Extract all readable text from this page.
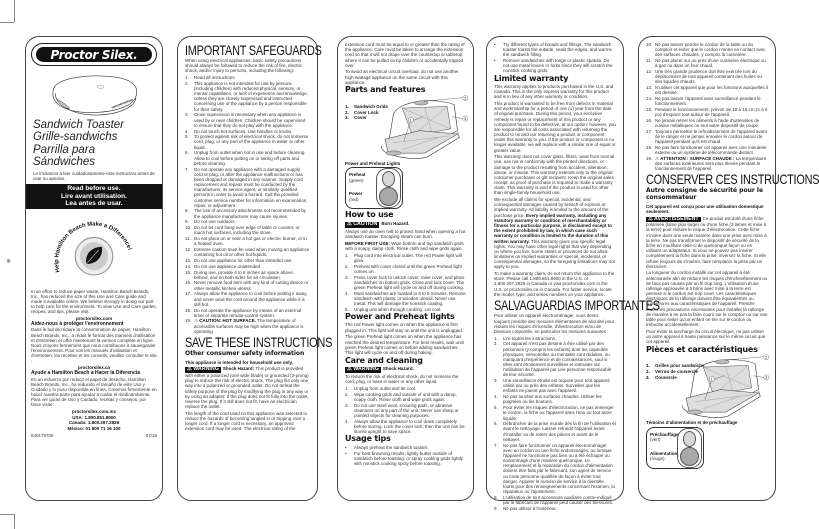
✵
Proctor Silex.
Sandwich Toaster
Grille-sandwichs
Parrilla para Sándwiches
Le invitamos a leer cuidadosamente este instructivo antes de usar su aparato.
Read before use.
Lire avant utilisation.
Lea antes de usar.
Help Hamilton Beach Make a Difference!
In an effort to reduce paper waste, Hamilton Beach Brands, Inc., has reduced the size of this Use and Care guide and made it available online. We believe strongly in doing our part to help care for the environment. To view Use and Care guides, recipes, and tips, please visit:
proctorsilex.com
Aidez-nous à protéger l'environnement
Dans le but de réduire la consommation de papier, Hamilton Beach Brands, Inc., a réduit le format des manuels d'utilisation et d'entretien et offre maintenant la version complète en ligne. Nous croyons fermement que nous contribuons à sauvegarder l'environnement. Pour voir les manuels d'utilisation et d'entretien, les recettes et les conseils, veuillez consulter le site :
proctorsilex.ca
Ayude a Hamilton Beach a Hacer la Diferencia
En un esfuerzo por reducir el papel de desecho, Hamilton Beach Brands, Inc., ha reducido el tamaño de este Uso y Cuidado y lo puso disponible en línea. Creemos firmemente en hacer nuestra parte para ayudar a cuidar el medioambiente. Para ver guías de Uso y Cuidado, recetas y consejos, por favor visite:
proctorsilex.com.mx
USA: 1.800.851.8900
Canada: 1.800.267.2826
México: 01 800 71 16 100
840179705	07/18
IMPORTANT SAFEGUARDS
When using electrical appliances, basic safety precautions should always be followed to reduce the risk of fire, electric shock, and/or injury to persons, including the following:
1.	Read all instructions.
2.	This appliance is not intended for use by persons (including children) with reduced physical, sensory, or mental capabilities, or lack of experience and knowledge, unless they are closely supervised and instructed concerning use of the appliance by a person responsible for their safety.
3.	Close supervision is necessary when any appliance is used by or near children. Children should be supervised to ensure that they do not play with the appliance.
4.	Do not touch hot surfaces. Use handles or knobs.
5.	To protect against risk of electrical shock, do not immerse cord, plug, or any part of the appliance in water or other liquid.
6.	Unplug from outlet when not in use and before cleaning. Allow to cool before putting on or taking off parts and before cleaning.
7.	Do not operate any appliance with a damaged supply cord or plug, or after the appliance malfunctions or has been dropped or damaged in any manner. Supply cord replacement and repairs must be conducted by the manufacturer, its service agent, or similarly qualified persons in order to avoid a hazard. Call the provided customer service number for information on examination, repair, or adjustment.
8.	The use of accessory attachments not recommended by the appliance manufacturer may cause injuries.
9.	Do not use outdoors.
10. Do not let cord hang over edge of table or counter, or touch hot surfaces, including the stove.
11. Do not place on or near a hot gas or electric burner, or in a heated oven.
12. Extreme caution must be used when moving an appliance containing hot oil or other hot liquids.
13. Do not use appliance for other than intended use.
14. Do not use appliance unattended.
15. During use, provide 4 to 6 inches air space above, behind, and on both sides for air circulation.
16. Never remove food item with any kind of cutting device or other metallic kitchen utensil.
17. Always allow the appliance to cool before putting it away, and never wind the cord around the appliance while it is still hot.
18. Do not operate the appliance by means of an external timer or separate remote-control system.
19. ⚠ CAUTION: HOT SURFACE. The temperature of accessible surfaces may be high when the appliance is operating.
SAVE THESE INSTRUCTIONS
Other consumer safety information
This appliance is intended for household use only.
⚠ WARNING Shock Hazard: This product is provided with either a polarized (one wide blade) or grounded (3-prong) plug to reduce the risk of electric shock. The plug fits only one way into a polarized or grounded outlet. Do not defeat the safety purpose of the plug by modifying the plug in any way or by using an adapter. If the plug does not fit fully into the outlet, reverse the plug. If it still does not fit, have an electrician replace the outlet.
The length of the cord used on this appliance was selected to reduce the hazards of becoming tangled in or tripping over a longer cord. If a longer cord is necessary, an approved extension cord may be used. The electrical rating of the
extension cord must be equal to or greater than the rating of the appliance. Care must be taken to arrange the extension cord so that it will not drape over the countertop or tabletop where it can be pulled on by children or accidentally tripped over.
To avoid an electrical circuit overload, do not use another high-wattage appliance on the same circuit with this appliance.
Parts and features
2
3
1
1.	Sandwich Grids
2.	Cover Lock
3.	Cover
Power and Preheat Lights
Preheat
(green)
Power
(red)
How to use
⚠ CAUTION Burn Hazard.
Always use an oven mitt to protect hand when opening a hot sandwich toaster. Escaping steam can burn.
BEFORE FIRST USE: Wipe bottom and top sandwich grids with a soapy, damp cloth. Rinse cloth and wipe grids again.
1.	Plug cord into electrical outlet. The red Power light will glow.
2.	Preheat with cover closed until the green Preheat light comes on.
3.	Press cover lock to unlock cover, raise cover, and place sandwiches on bottom grids. Close and lock cover. The green Preheat light will cycle on and off during cooking.
4.	Most sandwiches are toasted in 3 to 5 minutes. Remove sandwich with plastic or wooden utensil. Never use metal. This will damage the nonstick coating.
5.	Unplug unit when through cooking. Let cool.
Power and Preheat lights
The red Power light comes on when the appliance is first plugged in. This light will stay on until the unit is unplugged.
The green Preheat light comes on when the appliance has reached the desired temperature. For best results, wait until green Preheat light comes on before adding sandwiches. This light will cycle on and off during baking.
Care and cleaning
⚠ WARNING Shock Hazard.
To reduce the risk of electrical shock, do not immerse the cord, plug, or base in water or any other liquid.
1.	Unplug from outlet and let cool.
2.	Wipe cooking grids and outside of unit with a damp, soapy cloth. Rinse cloth and wipe grids again.
3.	Do not use steel wool, scouring pads, or abrasive cleansers on any part of the unit. Never use sharp or pointed objects for cleaning purposes.
4.	Always allow the appliance to cool down completely before storing. Lock the cover lock; then the unit can be stored upright to save space.
Usage tips
•	Always preheat the sandwich toaster.
•	For best browning results, lightly butter outside of sandwich before toasting; or spray cooking grids lightly with nonstick cooking spray before toasting.
•	Try different types of breads and fillings. The sandwich toaster toasts the outside, seals the edges, and warms the sandwich filling.
•	Remove sandwiches with tongs or plastic spatula. Do not use metal knives or forks since they will scratch the nonstick cooking grids.
Limited warranty
This warranty applies to products purchased in the U.S. and Canada. This is the only express warranty for this product and is in lieu of any other warranty or condition.
This product is warranted to be free from defects in material and workmanship for a period of one (1) year from the date of original purchase. During this period, your exclusive remedy is repair or replacement of this product or any component found to be defective, at our option; however, you are responsible for all costs associated with returning the product to us and our returning a product or component under this warranty to you. If the product or component is no longer available, we will replace with a similar one of equal or greater value.
This warranty does not cover glass, filters, wear from normal use, use not in conformity with the printed directions, or damage to the product resulting from accident, alteration, abuse, or misuse. This warranty extends only to the original consumer purchaser or gift recipient. Keep the original sales receipt, as proof of purchase is required to make a warranty claim. This warranty is void if the product is used for other than single-family household use.
We exclude all claims for special, incidental, and consequential damages caused by breach of express or implied warranty. All liability is limited to the amount of the purchase price. Every implied warranty, including any statutory warranty or condition of merchantability or fitness for a particular purpose, is disclaimed except to the extent prohibited by law, in which case such warranty or condition is limited to the duration of this written warranty. This warranty gives you specific legal rights. You may have other legal rights that vary depending on where you live. Some states or provinces do not allow limitations on implied warranties or special, incidental, or consequential damages, so the foregoing limitations may not apply to you.
To make a warranty claim, do not return this appliance to the store. Please call 1.800.851.8900 in the U.S. or 1.800.267.2826 in Canada or visit proctorsilex.com in the U.S. or proctorsilex.ca in Canada. For faster service, locate the model, type, and series numbers on your appliance.
SALVAGUARDIAS IMPORTANTES
Pour utiliser un appareil électroménager, vous devez toujours prendre des mesures élémentaires de sécurité pour réduire les risques d'incendie, d'électrocution et/ou de blessure corporelle, en particulier les mesures suivantes :
1.	Lire toutes les instructions.
2.	Cet appareil n'est pas destiné à être utilisé par des personnes (y compris les enfants) dont les capacités physiques, sensorielles ou mentales sont réduites, ou manquant d'expérience et de connaissances, sauf si elles sont étroitement surveillées et instruites sur l'utilisation de l'appareil par une personne responsable de leur sécurité.
3.	Une surveillance étroite est requise pour tout appareil utilisé par ou près des enfants. Surveiller que les enfants ne jouent pas avec l'appareil.
4.	Ne pas toucher aux surfaces chaudes. Utiliser les poignées ou les boutons.
5.	Pour éviter les risques d'électrocution, ne pas immerger le cordon, la fiche ou l'appareil dans l'eau ou tout autre liquide.
6.	Débrancher de la prise murale dès la fin de l'utilisation et avant le nettoyage. Laisser refroidir l'appareil avant d'installer ou de retirer des pièces et avant de le nettoyer.
7.	Ne pas faire fonctionner un appareil électroménager avec un cordon ou une fiche endommagés, ou lorsque l'appareil ne fonctionne pas bien ou a été échappé ou endommagé d'une manière quelconque. Le remplacement et la réparation du cordon d'alimentation doivent être faits par le fabricant, son agent de service ou toute personne qualifiée de façon à éviter tout danger. Appeler le numéro de service à la clientèle fourni pour des renseignements concernant l'examen, la réparation ou l'ajustement.
8.	L'utilisation de tout accessoire auxiliaire contre-indiqué par le fabricant de l'appareil peut causer des blessures.
9.	Ne pas utiliser à l'extérieur.
10. Ne pas laisser pendre le cordon de la table ou du comptoir et éviter que le cordon n'entre en contact avec des surfaces chaudes, y compris la cuisinière.
11. Ne pas placer sur ou près d'une cuisinière électrique ou à gaz ou dans un four chaud.
12. Une très grande prudence doit être exercée lors du déplacement de tout appareil contenant des huiles ou des liquides chauds.
13. N'utiliser cet appareil que pour les fonctions auxquelles il est destiné.
14. Ne pas laisser l'appareil sans surveillance pendant le fonctionnement.
15. Pendant le fonctionnement, prévoir de 10 à 15 cm (4 à 6 po) d'espace tout autour de l'appareil.
16. Ne jamais retirer les aliments à l'aide d'ustensiles de cuisine métalliques ou tout autre dispositif de coupe.
17. Toujours permettre le refroidissement de l'appareil avant de le ranger et ne jamais enrouler le cordon autour de l'appareil pendant qu'il est chaud.
18. Ne pas faire fonctionner cet appareil avec une minuterie externe ou un système de télécommande distinct.
19. ⚠ ATTENTION : SURFACE CHAUDE : La température des surfaces extérieures sera plus élevée pendant le fonctionnement de l'appareil.
CONSERVER CES INSTRUCTIONS
Autre consigne de sécurité pour le consommateur
Cet appareil est conçu pour une utilisation domestique seulement.
⚠ AVERTISSEMENT Ce produit est doté d'une fiche polarisée (lame plus large) ou d'une fiche (3 lames et mise à la terre) pour réduire le risque d'électrocution. Cette fiche s'insère dans une seule manière dans une prise avec mise à la terre. Ne pas transformer le dispositif de sécurité de la fiche en modifiant celle-ci de quelconque façon ou en utilisant un adaptateur. Si vous ne pouvez pas insérer complètement la fiche dans la prise, inversez la fiche. Si elle refuse toujours de s'insérer, faire remplacer la prise par un électricien.
La longueur du cordon installé sur cet appareil a été sélectionnée afin de réduire les risques d'enchevêtrement ou de faux pas causés par un fil trop long. L'utilisation d'une rallonge approuvée à 3 brins avec mise à la terre est permise si le cordon est trop court. Les caractéristiques électriques de la rallonge doivent être équivalentes ou supérieures aux caractéristiques de l'appareil. Prendre toutes les précautions nécessaires pour installer la rallonge de manière à ne pas la faire courir sur le comptoir ou sur une table pour éviter qu'un enfant ne tire sur le cordon ou trébuche accidentellement.
Pour éviter la surcharge du circuit électrique, ne pas utiliser un autre appareil à haute puissance sur le même circuit que cet appareil.
Pièces et caractéristiques
2
3
1
1.	Grilles pour sandwichs
2.	Verrou de couvercle
3.	Couvercle
Témoins d'alimentation et de préchauffage
Préchauffage
(vert)
Alimentation
(rouge)
